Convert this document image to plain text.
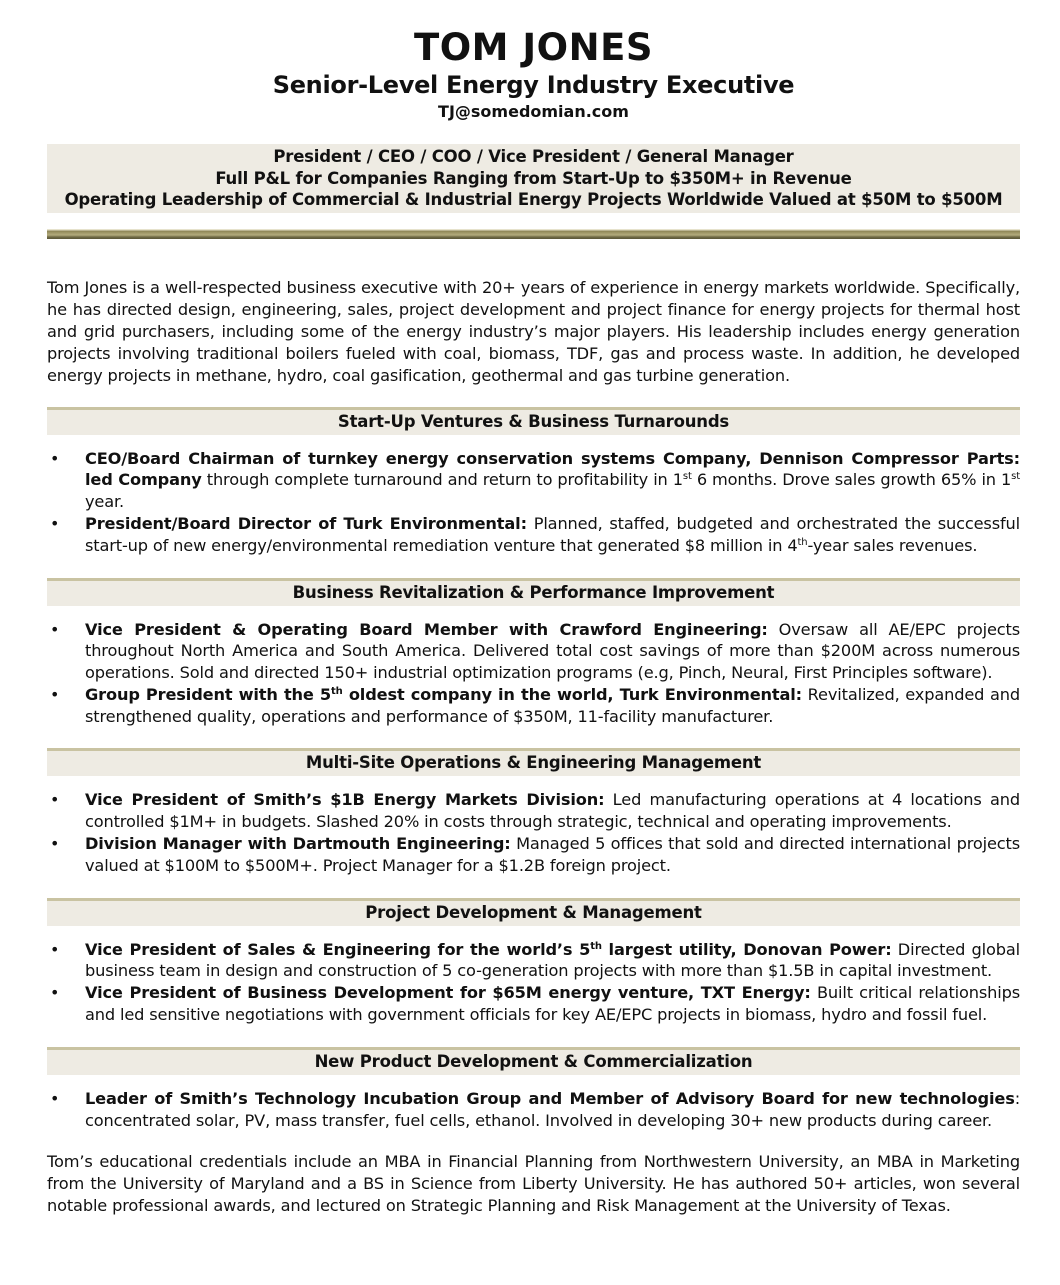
TOM JONES
Senior-Level Energy Industry Executive
TJ@somedomian.com
President / CEO / COO / Vice President / General Manager
Full P&L for Companies Ranging from Start-Up to $350M+ in Revenue
Operating Leadership of Commercial & Industrial Energy Projects Worldwide Valued at $50M to $500M
Tom Jones is a well-respected business executive with 20+ years of experience in energy markets worldwide. Specifically, he has directed design, engineering, sales, project development and project finance for energy projects for thermal host and grid purchasers, including some of the energy industry’s major players. His leadership includes energy generation projects involving traditional boilers fueled with coal, biomass, TDF, gas and process waste. In addition, he developed energy projects in methane, hydro, coal gasification, geothermal and gas turbine generation.
Start-Up Ventures & Business Turnarounds
• CEO/Board Chairman of turnkey energy conservation systems Company, Dennison Compressor Parts: led Company through complete turnaround and return to profitability in 1st 6 months. Drove sales growth 65% in 1st year.
• President/Board Director of Turk Environmental: Planned, staffed, budgeted and orchestrated the successful start-up of new energy/environmental remediation venture that generated $8 million in 4th-year sales revenues.
Business Revitalization & Performance Improvement
• Vice President & Operating Board Member with Crawford Engineering: Oversaw all AE/EPC projects throughout North America and South America. Delivered total cost savings of more than $200M across numerous operations. Sold and directed 150+ industrial optimization programs (e.g, Pinch, Neural, First Principles software).
• Group President with the 5th oldest company in the world, Turk Environmental: Revitalized, expanded and strengthened quality, operations and performance of $350M, 11-facility manufacturer.
Multi-Site Operations & Engineering Management
• Vice President of Smith’s $1B Energy Markets Division: Led manufacturing operations at 4 locations and controlled $1M+ in budgets. Slashed 20% in costs through strategic, technical and operating improvements.
• Division Manager with Dartmouth Engineering: Managed 5 offices that sold and directed international projects valued at $100M to $500M+. Project Manager for a $1.2B foreign project.
Project Development & Management
• Vice President of Sales & Engineering for the world’s 5th largest utility, Donovan Power: Directed global business team in design and construction of 5 co-generation projects with more than $1.5B in capital investment.
• Vice President of Business Development for $65M energy venture, TXT Energy: Built critical relationships and led sensitive negotiations with government officials for key AE/EPC projects in biomass, hydro and fossil fuel.
New Product Development & Commercialization
• Leader of Smith’s Technology Incubation Group and Member of Advisory Board for new technologies: concentrated solar, PV, mass transfer, fuel cells, ethanol. Involved in developing 30+ new products during career.
Tom’s educational credentials include an MBA in Financial Planning from Northwestern University, an MBA in Marketing from the University of Maryland and a BS in Science from Liberty University. He has authored 50+ articles, won several notable professional awards, and lectured on Strategic Planning and Risk Management at the University of Texas.
